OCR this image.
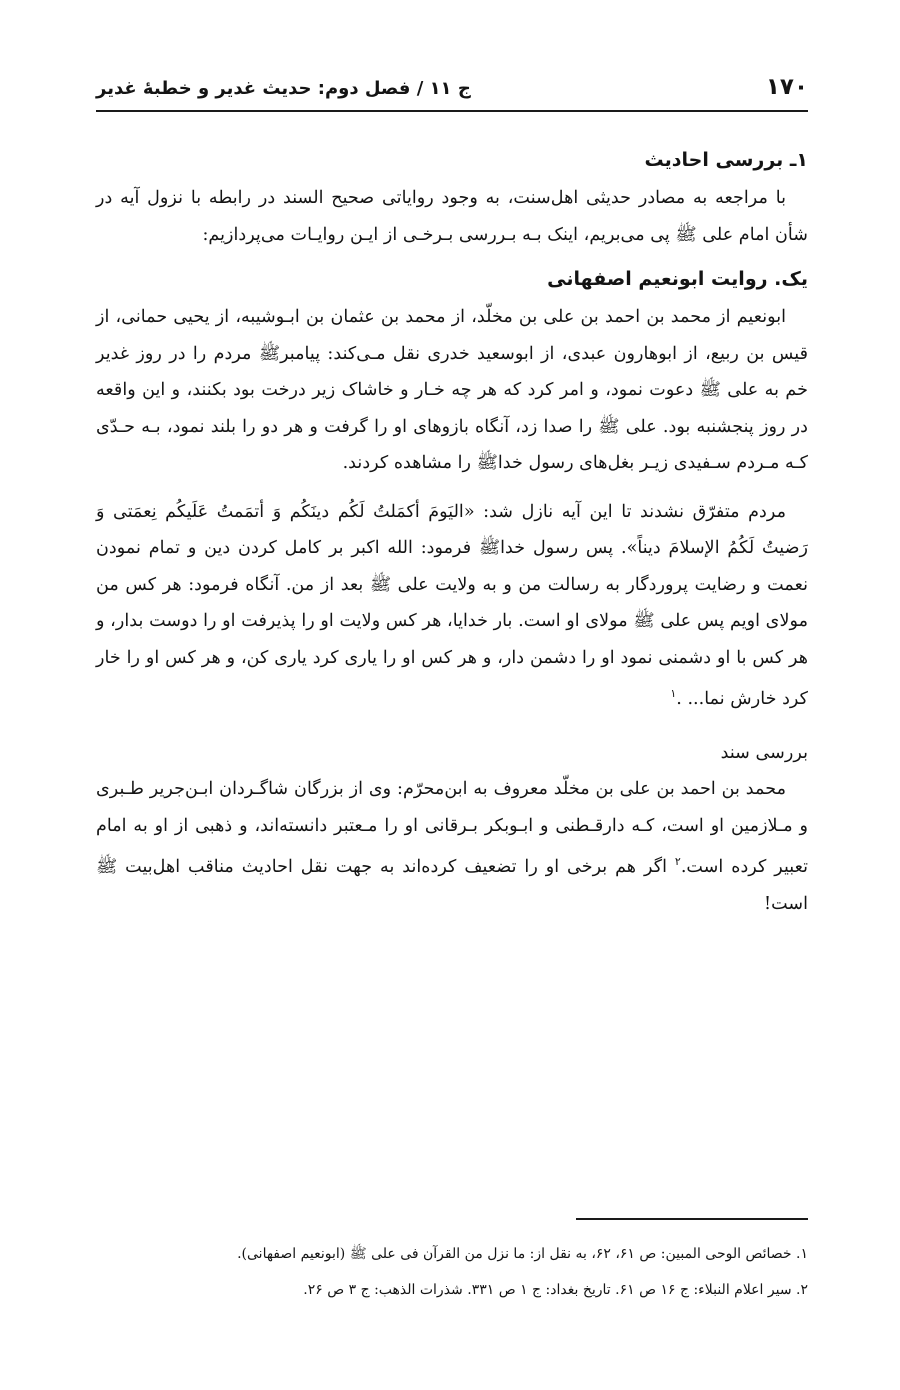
۱۷۰
ج ۱۱ / فصل دوم: حدیث غدیر و خطبهٔ غدیر
۱ـ بررسی احادیث

با مراجعه به مصادر حدیثی اهل‌سنت، به وجود روایاتی صحیح السند در رابطه با نزول آیه در شأن امام علی ﷺ پی می‌بریم، اینک بـه بـررسی بـرخـی از ایـن روایـات می‌پردازیم:

یک. روایت ابونعیم اصفهانی

ابونعیم از محمد بن احمد بن علی بن مخلّد، از محمد بن عثمان بن ابـوشیبه، از یحیی حمانی، از قیس بن ربیع، از ابوهارون عبدی، از ابوسعید خدری نقل مـی‌کند: پیامبرﷺ مردم را در روز غدیر خم به علی ﷺ دعوت نمود، و امر کرد که هر چه خـار و خاشاک زیر درخت بود بکنند، و این واقعه در روز پنجشنبه بود. علی ﷺ را صدا زد، آنگاه بازوهای او را گرفت و هر دو را بلند نمود، بـه حـدّی کـه مـردم سـفیدی زیـر بغل‌های رسول خداﷺ را مشاهده کردند.

مردم متفرّق نشدند تا این آیه نازل شد: «الیَومَ أکمَلتُ لَکُم دینَکُم وَ أتمَمتُ عَلَیکُم نِعمَتی وَ رَضیتُ لَکُمُ الإسلامَ دیناً». پس رسول خداﷺ فرمود: الله اکبر بر کامل کردن دین و تمام نمودن نعمت و رضایت پروردگار به رسالت من و به ولایت علی ﷺ بعد از من. آنگاه فرمود: هر کس من مولای اویم پس علی ﷺ مولای او است. بار خدایا، هر کس ولایت او را پذیرفت او را دوست بدار، و هر کس با او دشمنی نمود او را دشمن دار، و هر کس او را یاری کرد یاری کن، و هر کس او را خار کرد خارش نما... .$^۱$

بررسی سند

محمد بن احمد بن علی بن مخلّد معروف به ابن‌محرّم: وی از بزرگان شاگـردان ابـن‌جریر طـبری و مـلازمین او است، کـه دارقـطنی و ابـوبکر بـرقانی او را مـعتبر دانسته‌اند، و ذهبی از او به امام تعبیر کرده است.$^۲$ اگر هم برخی او را تضعیف کرده‌اند به جهت نقل احادیث مناقب اهل‌بیت ﷺ است!

۱. خصائص الوحی المبین: ص ۶۱، ۶۲، به نقل از: ما نزل من القرآن فی علی ﷺ (ابونعیم اصفهانی).

۲. سیر اعلام النبلاء: ج ۱۶ ص ۶۱. تاریخ بغداد: ج ۱ ص ۳۳۱. شذرات الذهب: ج ۳ ص ۲۶.
